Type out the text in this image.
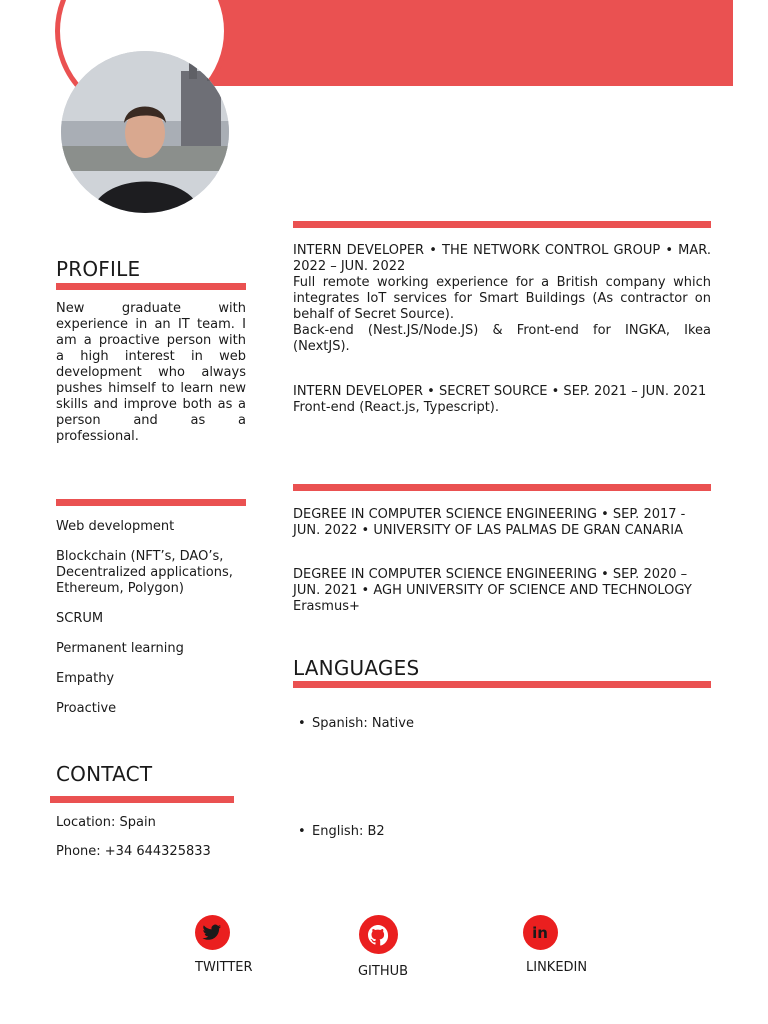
PROFILE

New graduate with experience in an IT team. I am a proactive person with a high interest in web development who always pushes himself to learn new skills and improve both as a person and as a professional.

Web development
Blockchain (NFT’s, DAO’s, Decentralized applications, Ethereum, Polygon)
SCRUM
Permanent learning
Empathy
Proactive
CONTACT
Location: Spain
Phone: +34 644325833
INTERN DEVELOPER • THE NETWORK CONTROL GROUP • MAR. 2022 – JUN. 2022
Full remote working experience for a British company which integrates IoT services for Smart Buildings (As contractor on behalf of Secret Source).
Back-end (Nest.JS/Node.JS) & Front-end for INGKA, Ikea (NextJS).
INTERN DEVELOPER • SECRET SOURCE • SEP. 2021 – JUN. 2021
Front-end (React.js, Typescript).
DEGREE IN COMPUTER SCIENCE ENGINEERING • SEP. 2017 - JUN. 2022 • UNIVERSITY OF LAS PALMAS DE GRAN CANARIA
DEGREE IN COMPUTER SCIENCE ENGINEERING • SEP. 2020 – JUN. 2021 • AGH UNIVERSITY OF SCIENCE AND TECHNOLOGY
Erasmus+
LANGUAGES
• Spanish: Native
• English: B2
TWITTER	GITHUB
in
LINKEDIN
